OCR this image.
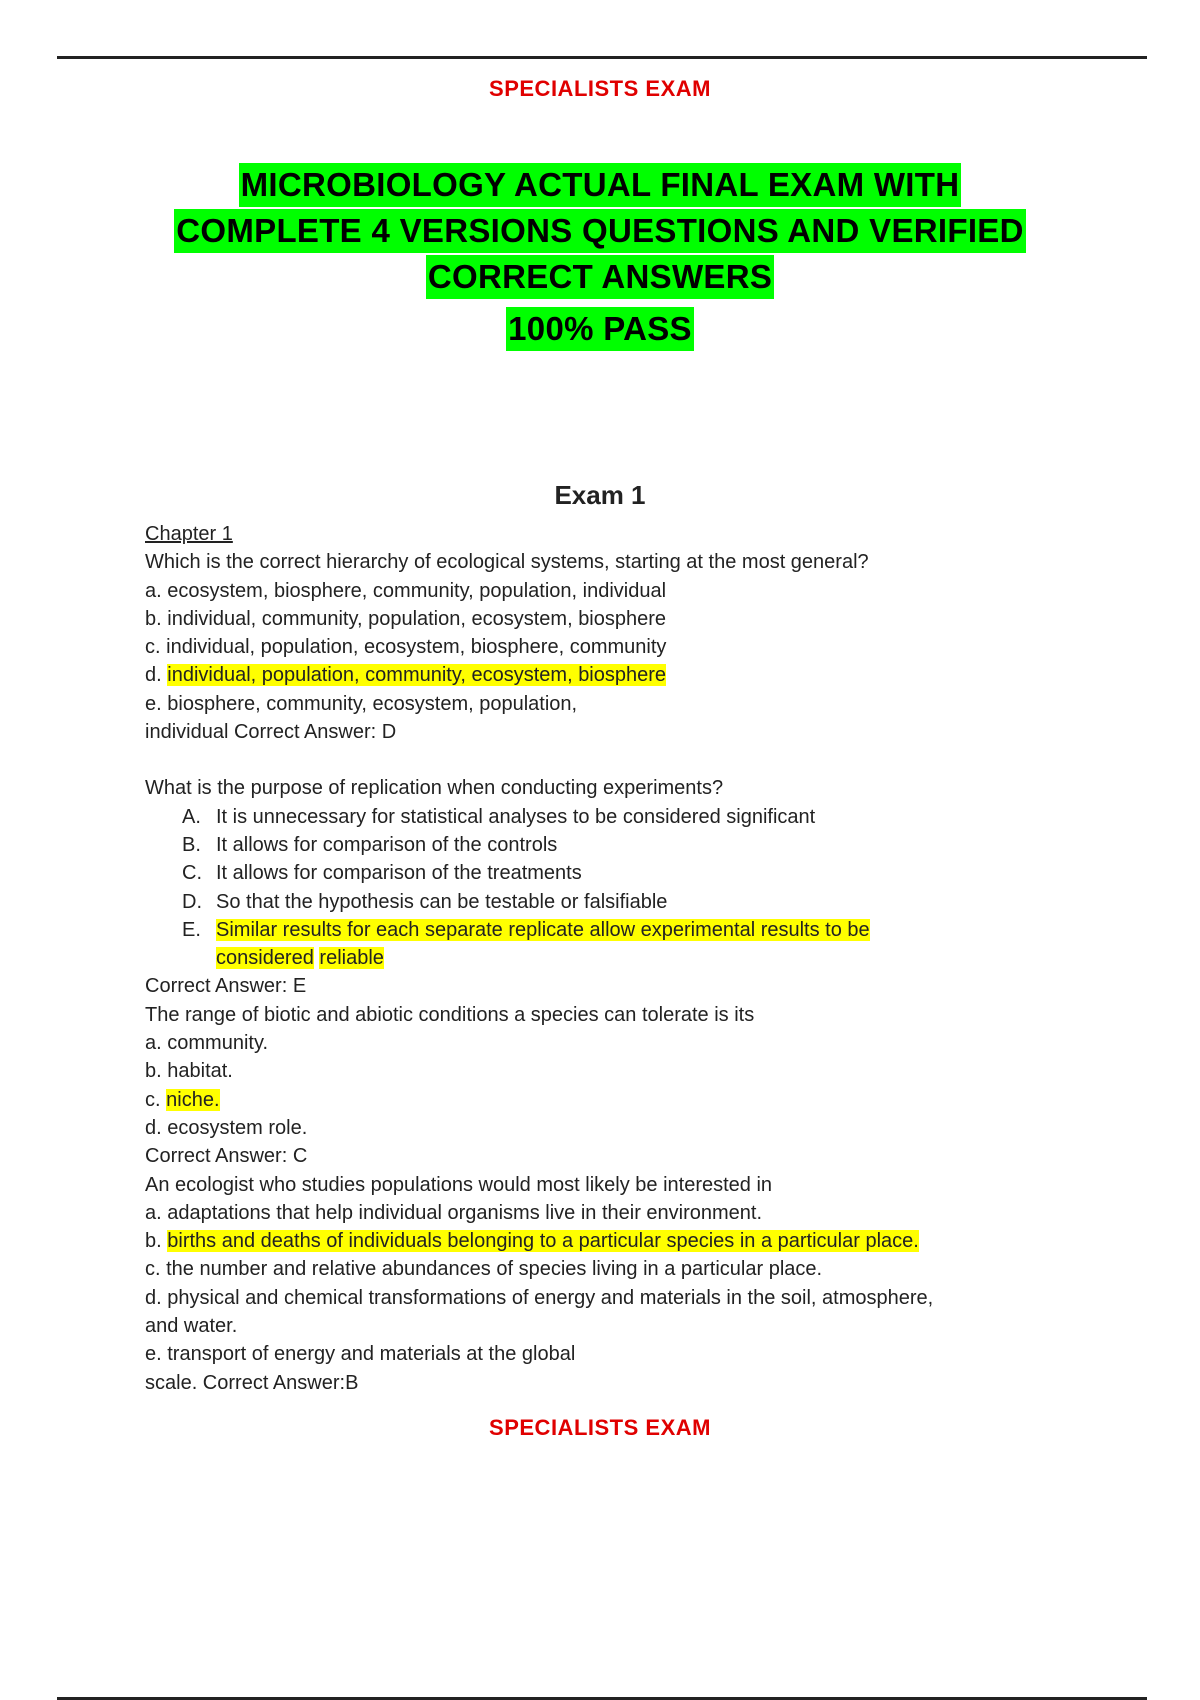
SPECIALISTS EXAM
MICROBIOLOGY ACTUAL FINAL EXAM WITH
COMPLETE 4 VERSIONS QUESTIONS AND VERIFIED
CORRECT ANSWERS
100% PASS
Exam 1
Chapter 1
Which is the correct hierarchy of ecological systems, starting at the most general?
a. ecosystem, biosphere, community, population, individual
b. individual, community, population, ecosystem, biosphere
c. individual, population, ecosystem, biosphere, community
d. individual, population, community, ecosystem, biosphere
e. biosphere, community, ecosystem, population,
individual Correct Answer: D
What is the purpose of replication when conducting experiments?
A. It is unnecessary for statistical analyses to be considered significant
B. It allows for comparison of the controls
C. It allows for comparison of the treatments
D. So that the hypothesis can be testable or falsifiable
E. Similar results for each separate replicate allow experimental results to be
considered reliable
Correct Answer: E
The range of biotic and abiotic conditions a species can tolerate is its
a. community.
b. habitat.
c. niche.
d. ecosystem role.
Correct Answer: C
An ecologist who studies populations would most likely be interested in
a. adaptations that help individual organisms live in their environment.
b. births and deaths of individuals belonging to a particular species in a particular place.
c. the number and relative abundances of species living in a particular place.
d. physical and chemical transformations of energy and materials in the soil, atmosphere,
and water.
e. transport of energy and materials at the global
scale. Correct Answer:B
SPECIALISTS EXAM
